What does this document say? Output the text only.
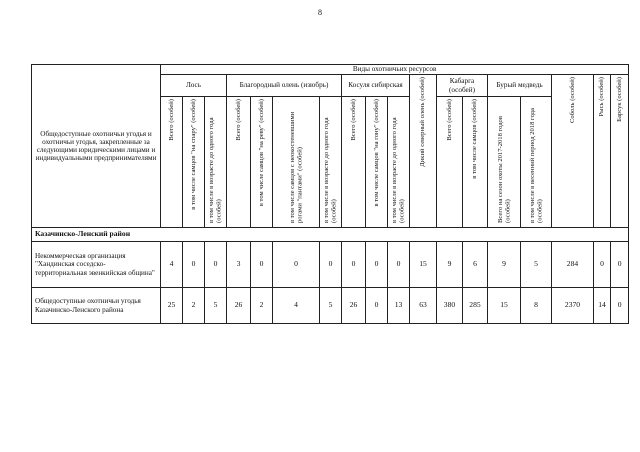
8
Общедоступные охотничьи угодья и охотничьи угодья, закрепленные за следующими юридическими лицами и индивидуальными предпринимателями	Виды охотничьих ресурсов																	
	Лось			Благородный олень (изюбрь)				Косуля сибирская			Дикий северный олень (особей)	Кабарга (особей)		Бурый медведь		Соболь (особей)	Рысь (особей)	Барсук (особей)
	Всего (особей)	в том числе самцов "на спару" (особей)	в том числе в возрасте до одного года (особей)	Всего (особей)	в том числе самцов "на реву" (особей)	в том числе самцов с неокостеневшими рогами "пантами" (особей)	в том числе в возрасте до одного года (особей)	Всего (особей)	в том числе самцов "на гону" (особей)	в том числе в возрасте до одного года (особей)		Всего (особей)	в том числе самцов (особей)	Всего на сезон охоты 2017-2018 годов (особей)	в том числе в весенний период 2018 года (особей)			
Казачинско-Ленский район																		
Некоммерческая организация "Хандинская соседско-территориальная эвенкийская община"	4	0	0	3	0	0	0	0	0	0	15	9	6	9	5	284	0	0
Общедоступные охотничьи угодья Казачинско-Ленского района	25	2	5	26	2	4	5	26	0	13	63	380	285	15	8	2370	14	0
